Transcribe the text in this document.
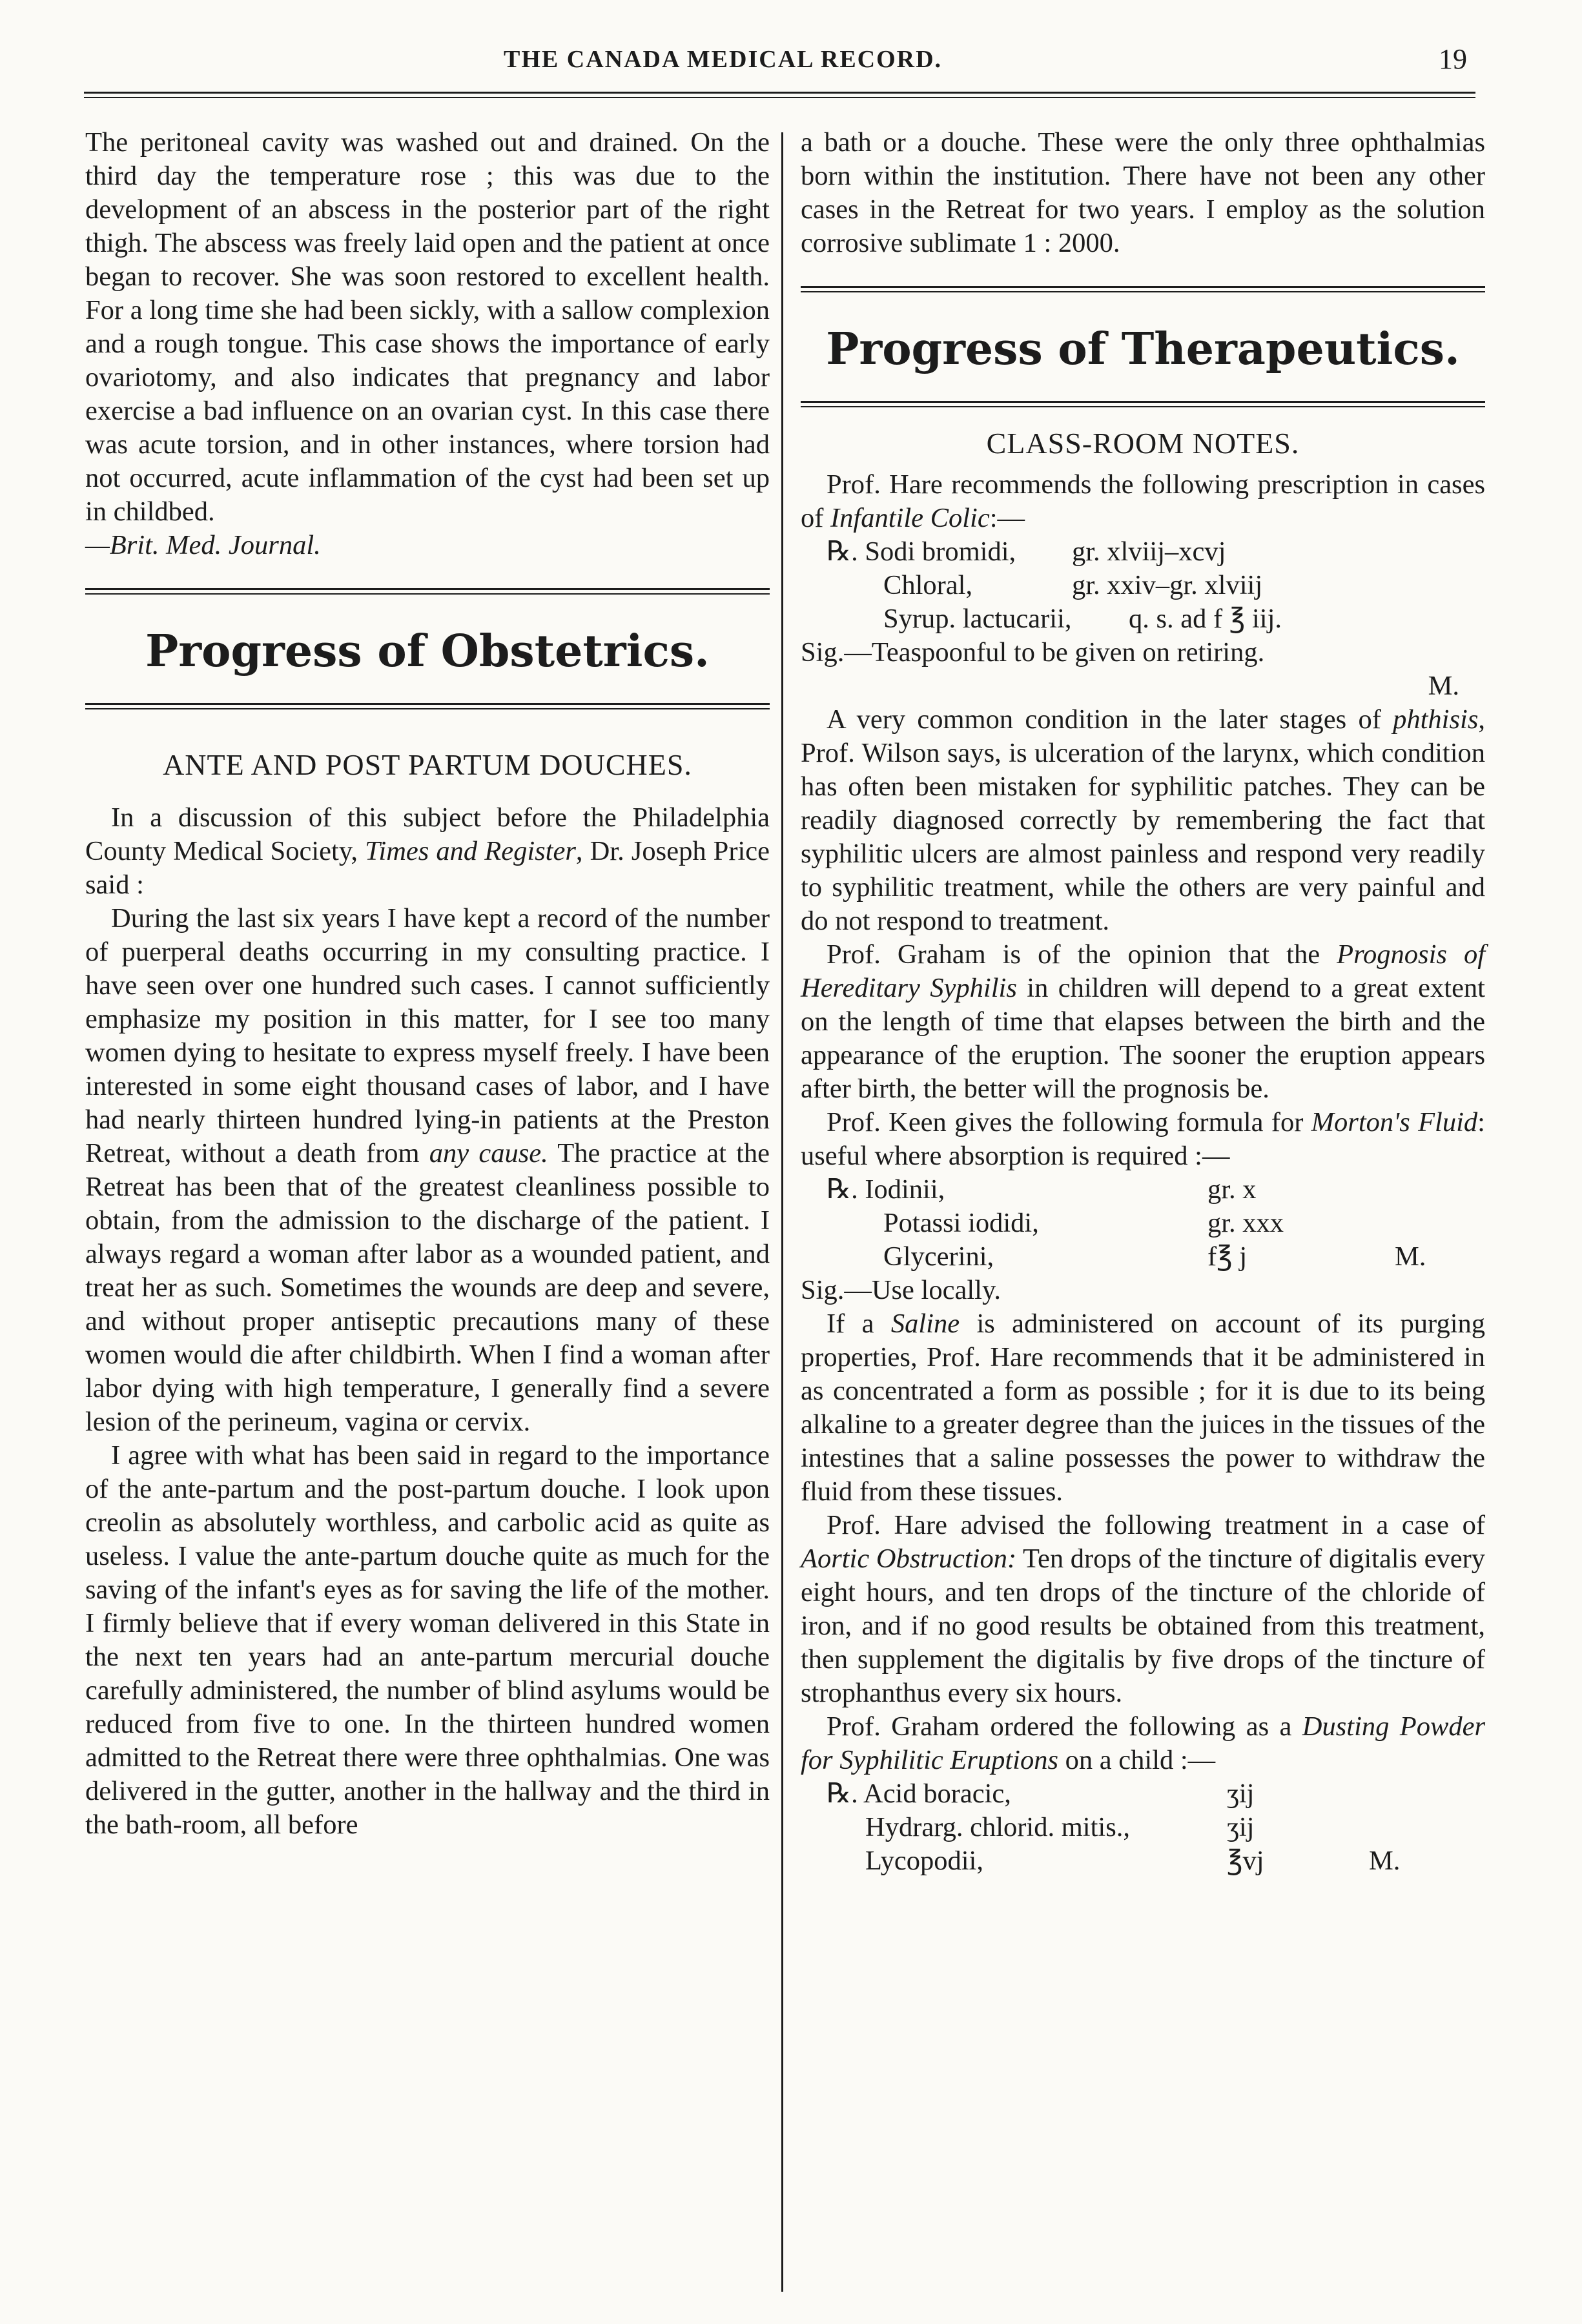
THE CANADA MEDICAL RECORD.	19

The peritoneal cavity was washed out and drained. On the third day the temperature rose ; this was due to the development of an abscess in the posterior part of the right thigh. The abscess was freely laid open and the patient at once began to recover. She was soon restored to excellent health. For a long time she had been sickly, with a sallow complexion and a rough tongue. This case shows the importance of early ovariotomy, and also indicates that pregnancy and labor exercise a bad influence on an ovarian cyst. In this case there was acute torsion, and in other instances, where torsion had not occurred, acute inflammation of the cyst had been set up in childbed.

—Brit. Med. Journal.

Progress of Obstetrics.
ANTE AND POST PARTUM DOUCHES.

In a discussion of this subject before the Philadelphia County Medical Society, Times and Register, Dr. Joseph Price said :

During the last six years I have kept a record of the number of puerperal deaths occurring in my consulting practice. I have seen over one hundred such cases. I cannot sufficiently emphasize my position in this matter, for I see too many women dying to hesitate to express myself freely. I have been interested in some eight thousand cases of labor, and I have had nearly thirteen hundred lying-in patients at the Preston Retreat, without a death from any cause. The practice at the Retreat has been that of the greatest cleanliness possible to obtain, from the admission to the discharge of the patient. I always regard a woman after labor as a wounded patient, and treat her as such. Sometimes the wounds are deep and severe, and without proper antiseptic precautions many of these women would die after childbirth. When I find a woman after labor dying with high temperature, I generally find a severe lesion of the perineum, vagina or cervix.

I agree with what has been said in regard to the importance of the ante-partum and the post-partum douche. I look upon creolin as absolutely worthless, and carbolic acid as quite as useless. I value the ante-partum douche quite as much for the saving of the infant's eyes as for saving the life of the mother. I firmly believe that if every woman delivered in this State in the next ten years had an ante-partum mercurial douche carefully administered, the number of blind asylums would be reduced from five to one. In the thirteen hundred women admitted to the Retreat there were three ophthalmias. One was delivered in the gutter, another in the hallway and the third in the bath-room, all before

a bath or a douche. These were the only three ophthalmias born within the institution. There have not been any other cases in the Retreat for two years. I employ as the solution corrosive sublimate 1 : 2000.

Progress of Therapeutics.
CLASS-ROOM NOTES.

Prof. Hare recommends the following prescription in cases of Infantile Colic:—

℞. Sodi bromidi,	gr. xlviij–xcvj
Chloral,	gr. xxiv–gr. xlviij
Syrup. lactucarii,	q. s. ad f ℥ iij.
Sig.—Teaspoonful to be given on retiring.
M.

A very common condition in the later stages of phthisis, Prof. Wilson says, is ulceration of the larynx, which condition has often been mistaken for syphilitic patches. They can be readily diagnosed correctly by remembering the fact that syphilitic ulcers are almost painless and respond very readily to syphilitic treatment, while the others are very painful and do not respond to treatment.

Prof. Graham is of the opinion that the Prognosis of Hereditary Syphilis in children will depend to a great extent on the length of time that elapses between the birth and the appearance of the eruption. The sooner the eruption appears after birth, the better will the prognosis be.

Prof. Keen gives the following formula for Morton's Fluid: useful where absorption is required :—

℞. Iodinii,	gr. x
Potassi iodidi,	gr. xxx
Glycerini,	f℥ j	M.
Sig.—Use locally.

If a Saline is administered on account of its purging properties, Prof. Hare recommends that it be administered in as concentrated a form as possible ; for it is due to its being alkaline to a greater degree than the juices in the tissues of the intestines that a saline possesses the power to withdraw the fluid from these tissues.

Prof. Hare advised the following treatment in a case of Aortic Obstruction: Ten drops of the tincture of digitalis every eight hours, and ten drops of the tincture of the chloride of iron, and if no good results be obtained from this treatment, then supplement the digitalis by five drops of the tincture of strophanthus every six hours.

Prof. Graham ordered the following as a Dusting Powder for Syphilitic Eruptions on a child :—

℞. Acid boracic,	ʒij
Hydrarg. chlorid. mitis.,	ʒij
Lycopodii,	℥vj	M.
